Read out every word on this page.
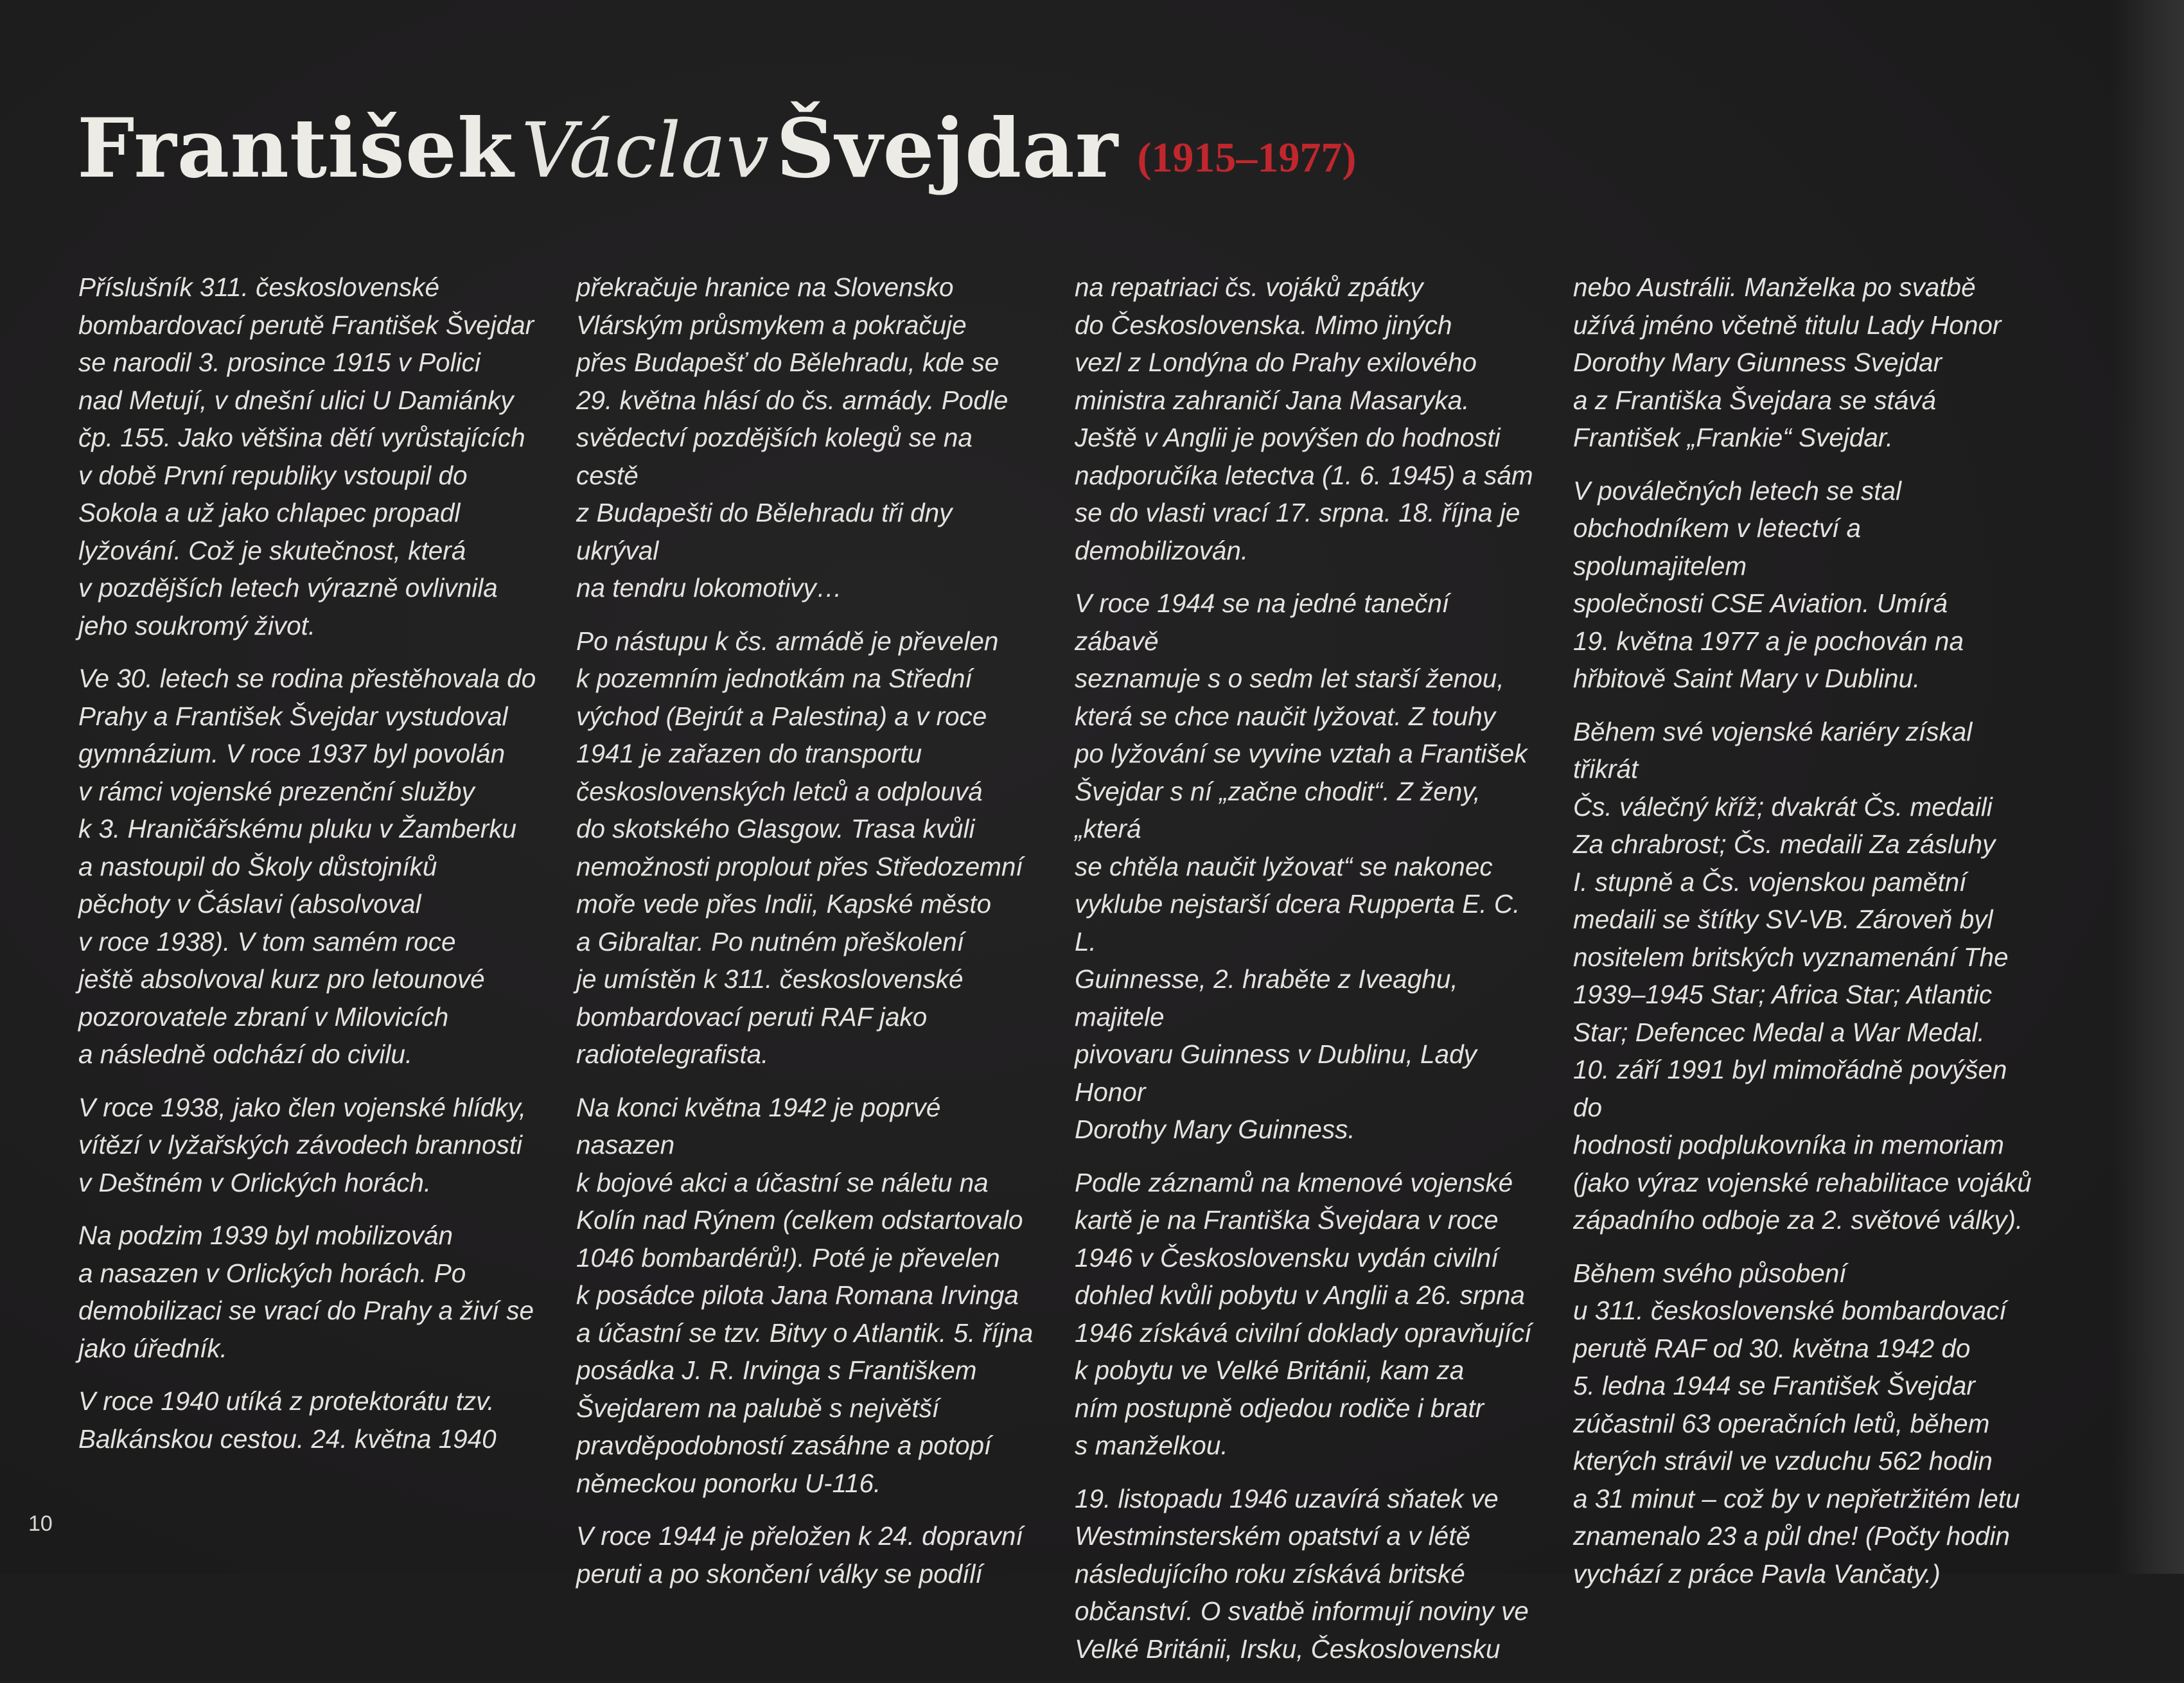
František Václav Švejdar (1915–1977)

Příslušník 311. československé
bombardovací perutě František Švejdar
se narodil 3. prosince 1915 v Polici
nad Metují, v dnešní ulici U Damiánky
čp. 155. Jako většina dětí vyrůstajících
v době První republiky vstoupil do
Sokola a už jako chlapec propadl
lyžování. Což je skutečnost, která
v pozdějších letech výrazně ovlivnila
jeho soukromý život.

Ve 30. letech se rodina přestěhovala do
Prahy a František Švejdar vystudoval
gymnázium. V roce 1937 byl povolán
v rámci vojenské prezenční služby
k 3. Hraničářskému pluku v Žamberku
a nastoupil do Školy důstojníků
pěchoty v Čáslavi (absolvoval
v roce 1938). V tom samém roce
ještě absolvoval kurz pro letounové
pozorovatele zbraní v Milovicích
a následně odchází do civilu.

V roce 1938, jako člen vojenské hlídky,
vítězí v lyžařských závodech brannosti
v Deštném v Orlických horách.

Na podzim 1939 byl mobilizován
a nasazen v Orlických horách. Po
demobilizaci se vrací do Prahy a živí se
jako úředník.

V roce 1940 utíká z protektorátu tzv.
Balkánskou cestou. 24. května 1940

překračuje hranice na Slovensko
Vlárským průsmykem a pokračuje
přes Budapešť do Bělehradu, kde se
29. května hlásí do čs. armády. Podle
svědectví pozdějších kolegů se na cestě
z Budapešti do Bělehradu tři dny ukrýval
na tendru lokomotivy…

Po nástupu k čs. armádě je převelen
k pozemním jednotkám na Střední
východ (Bejrút a Palestina) a v roce
1941 je zařazen do transportu
československých letců a odplouvá
do skotského Glasgow. Trasa kvůli
nemožnosti proplout přes Středozemní
moře vede přes Indii, Kapské město
a Gibraltar. Po nutném přeškolení
je umístěn k 311. československé
bombardovací peruti RAF jako
radiotelegrafista.

Na konci května 1942 je poprvé nasazen
k bojové akci a účastní se náletu na
Kolín nad Rýnem (celkem odstartovalo
1046 bombardérů!). Poté je převelen
k posádce pilota Jana Romana Irvinga
a účastní se tzv. Bitvy o Atlantik. 5. října
posádka J. R. Irvinga s Františkem
Švejdarem na palubě s největší
pravděpodobností zasáhne a potopí
německou ponorku U-116.

V roce 1944 je přeložen k 24. dopravní
peruti a po skončení války se podílí

na repatriaci čs. vojáků zpátky
do Československa. Mimo jiných
vezl z Londýna do Prahy exilového
ministra zahraničí Jana Masaryka.
Ještě v Anglii je povýšen do hodnosti
nadporučíka letectva (1. 6. 1945) a sám
se do vlasti vrací 17. srpna. 18. října je
demobilizován.

V roce 1944 se na jedné taneční zábavě
seznamuje s o sedm let starší ženou,
která se chce naučit lyžovat. Z touhy
po lyžování se vyvine vztah a František
Švejdar s ní „začne chodit“. Z ženy, „která
se chtěla naučit lyžovat“ se nakonec
vyklube nejstarší dcera Rupperta E. C. L.
Guinnesse, 2. hraběte z Iveaghu, majitele
pivovaru Guinness v Dublinu, Lady Honor
Dorothy Mary Guinness.

Podle záznamů na kmenové vojenské
kartě je na Františka Švejdara v roce
1946 v Československu vydán civilní
dohled kvůli pobytu v Anglii a 26. srpna
1946 získává civilní doklady opravňující
k pobytu ve Velké Británii, kam za
ním postupně odjedou rodiče i bratr
s manželkou.

19. listopadu 1946 uzavírá sňatek ve
Westminsterském opatství a v létě
následujícího roku získává britské
občanství. O svatbě informují noviny ve
Velké Británii, Irsku, Československu

nebo Austrálii. Manželka po svatbě
užívá jméno včetně titulu Lady Honor
Dorothy Mary Giunness Svejdar
a z Františka Švejdara se stává
František „Frankie“ Svejdar.

V poválečných letech se stal
obchodníkem v letectví a spolumajitelem
společnosti CSE Aviation. Umírá
19. května 1977 a je pochován na
hřbitově Saint Mary v Dublinu.

Během své vojenské kariéry získal třikrát
Čs. válečný kříž; dvakrát Čs. medaili
Za chrabrost; Čs. medaili Za zásluhy
I. stupně a Čs. vojenskou pamětní
medaili se štítky SV-VB. Zároveň byl
nositelem britských vyznamenání The
1939–1945 Star; Africa Star; Atlantic
Star; Defencec Medal a War Medal.
10. září 1991 byl mimořádně povýšen do
hodnosti podplukovníka in memoriam
(jako výraz vojenské rehabilitace vojáků
západního odboje za 2. světové války).

Během svého působení
u 311. československé bombardovací
perutě RAF od 30. května 1942 do
5. ledna 1944 se František Švejdar
zúčastnil 63 operačních letů, během
kterých strávil ve vzduchu 562 hodin
a 31 minut – což by v nepřetržitém letu
znamenalo 23 a půl dne! (Počty hodin
vychází z práce Pavla Vančaty.)

10
